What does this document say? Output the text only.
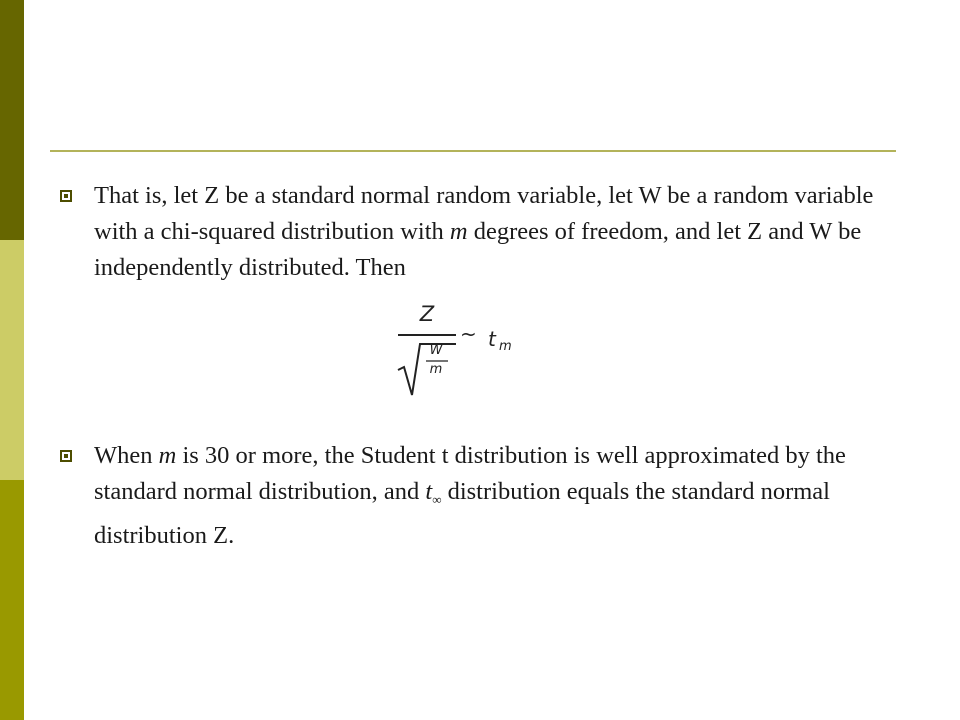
That is, let Z be a standard normal random variable, let W be a random variable with a chi-squared distribution with m degrees of freedom, and let Z and W be independently distributed. Then
Z
W
m
~ t m
When m is 30 or more, the Student t distribution is well approximated by the standard normal distribution, and $t_\infty$ distribution equals the standard normal distribution Z.
